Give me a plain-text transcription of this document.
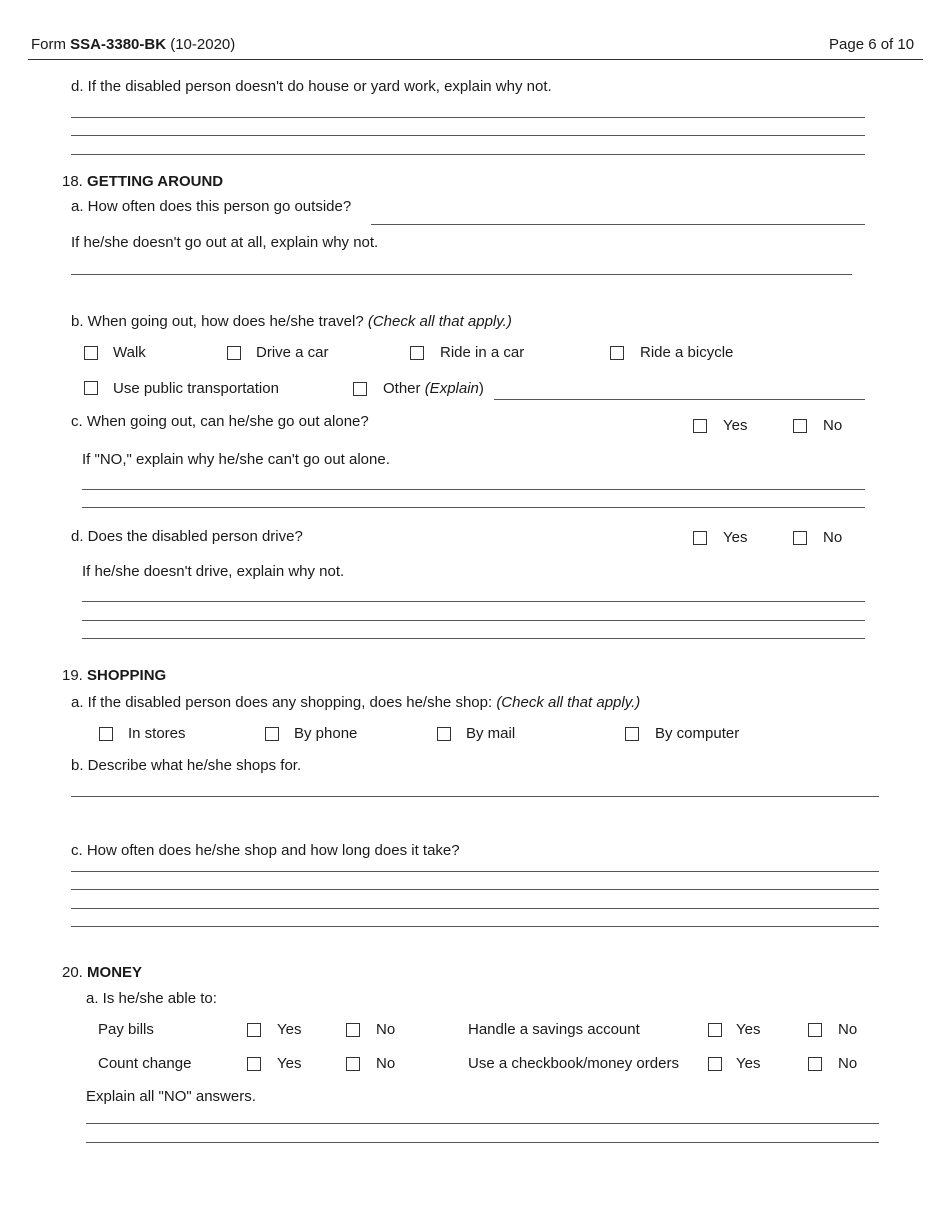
Form SSA-3380-BK (10-2020)	Page 6 of 10
d. If the disabled person doesn't do house or yard work, explain why not.
18. GETTING AROUND
a. How often does this person go outside?
If he/she doesn't go out at all, explain why not.
b. When going out, how does he/she travel? (Check all that apply.)
Walk	Drive a car	Ride in a car	Ride a bicycle
Use public transportation	Other (Explain)
c. When going out, can he/she go out alone?	Yes	No
If "NO," explain why he/she can't go out alone.
d. Does the disabled person drive?	Yes	No
If he/she doesn't drive, explain why not.
19. SHOPPING
a. If the disabled person does any shopping, does he/she shop: (Check all that apply.)
In stores	By phone	By mail	By computer
b. Describe what he/she shops for.
c. How often does he/she shop and how long does it take?
20. MONEY
a. Is he/she able to:
Pay bills	Yes	No	Handle a savings account	Yes	No
Count change	Yes	No	Use a checkbook/money orders	Yes	No
Explain all "NO" answers.
